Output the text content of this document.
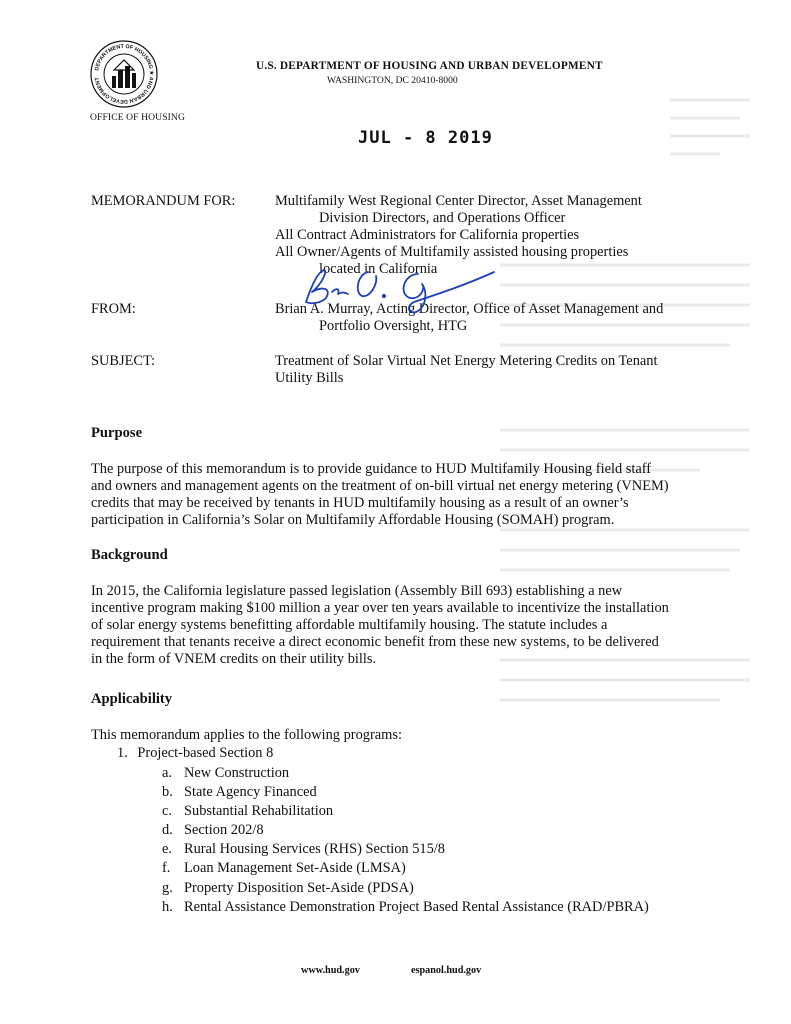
DEPARTMENT OF HOUSING ★ AND URBAN DEVELOPMENT
OFFICE OF HOUSING
U.S. DEPARTMENT OF HOUSING AND URBAN DEVELOPMENT
WASHINGTON, DC 20410-8000
JUL - 8 2019
MEMORANDUM FOR:	Multifamily West Regional Center Director, Asset Management
Division Directors, and Operations Officer
All Contract Administrators for California properties
All Owner/Agents of Multifamily assisted housing properties
located in California
FROM:	Brian A. Murray, Acting Director, Office of Asset Management and
Portfolio Oversight, HTG
SUBJECT:	Treatment of Solar Virtual Net Energy Metering Credits on Tenant
Utility Bills
Purpose
The purpose of this memorandum is to provide guidance to HUD Multifamily Housing field staff
and owners and management agents on the treatment of on-bill virtual net energy metering (VNEM)
credits that may be received by tenants in HUD multifamily housing as a result of an owner’s
participation in California’s Solar on Multifamily Affordable Housing (SOMAH) program.
Background
In 2015, the California legislature passed legislation (Assembly Bill 693) establishing a new
incentive program making $100 million a year over ten years available to incentivize the installation
of solar energy systems benefitting affordable multifamily housing. The statute includes a
requirement that tenants receive a direct economic benefit from these new systems, to be delivered
in the form of VNEM credits on their utility bills.
Applicability
This memorandum applies to the following programs:
1. Project-based Section 8
a. New Construction
b. State Agency Financed
c. Substantial Rehabilitation
d. Section 202/8
e. Rural Housing Services (RHS) Section 515/8
f. Loan Management Set-Aside (LMSA)
g. Property Disposition Set-Aside (PDSA)
h. Rental Assistance Demonstration Project Based Rental Assistance (RAD/PBRA)
www.hud.gov	espanol.hud.gov
